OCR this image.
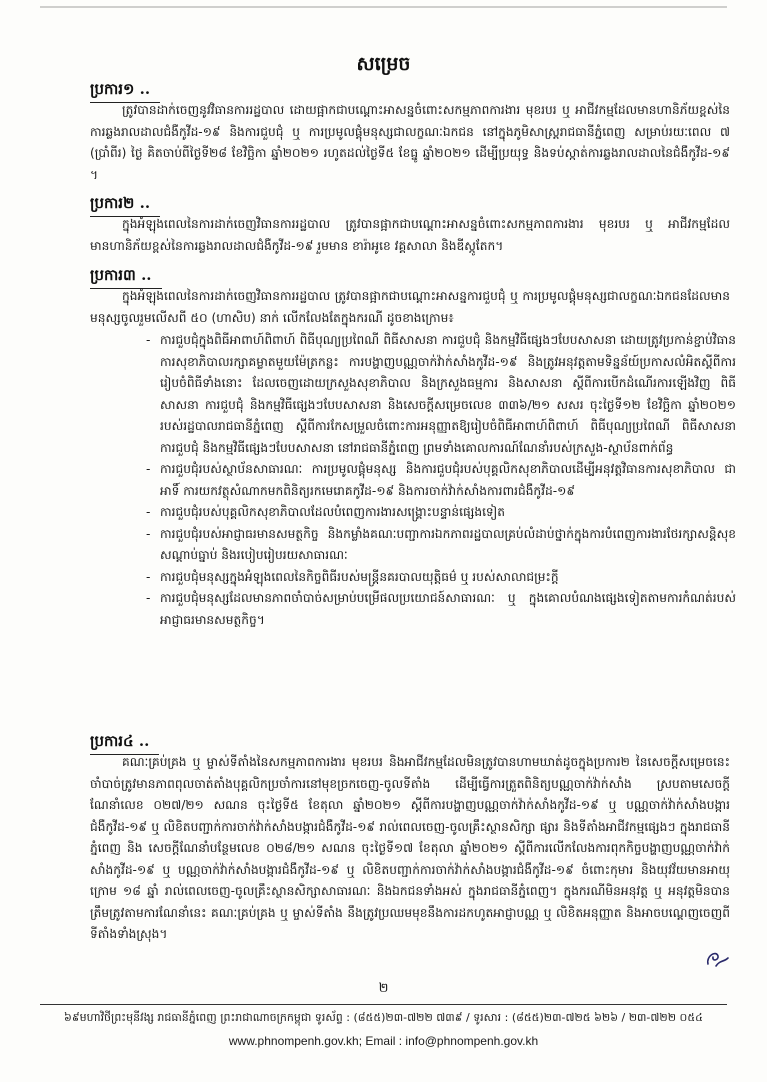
សម្រេច
ប្រការ១ ..
ត្រូវបានដាក់ចេញនូវវិធានការរដ្ឋបាល ដោយផ្អាកជាបណ្តោះអាសន្នចំពោះសកម្មភាពការងារ មុខរបរ ឬ អាជីវកម្មដែលមានហានិភ័យខ្ពស់នៃការឆ្លងរាលដាលជំងឺកូវីដ-១៩ និងការជួបជុំ ឬ ការប្រមូលផ្តុំមនុស្សជាលក្ខណៈឯកជន នៅក្នុងភូមិសាស្ត្ររាជធានីភ្នំពេញ សម្រាប់រយៈពេល ៧ (ប្រាំពីរ) ថ្ងៃ គិតចាប់ពីថ្ងៃទី២៨ ខែវិច្ឆិកា ឆ្នាំ២០២១ រហូតដល់ថ្ងៃទី៥ ខែធ្នូ ឆ្នាំ២០២១ ដើម្បីប្រយុទ្ធ និងទប់ស្កាត់ការឆ្លងរាលដាលនៃជំងឺកូវីដ-១៩ ។
ប្រការ២ ..
ក្នុងអំឡុងពេលនៃការដាក់ចេញវិធានការរដ្ឋបាល ត្រូវបានផ្អាកជាបណ្តោះអាសន្នចំពោះសកម្មភាពការងារ មុខរបរ ឬ អាជីវកម្មដែលមានហានិភ័យខ្ពស់នៃការឆ្លងរាលដាលជំងឺកូវីដ-១៩ រួមមាន ខារ៉ាអូខេ វគ្គសាលា និងឌីស្កូតែក។
ប្រការ៣ ..
ក្នុងអំឡុងពេលនៃការដាក់ចេញវិធានការរដ្ឋបាល ត្រូវបានផ្អាកជាបណ្តោះអាសន្នការជួបជុំ ឬ ការប្រមូលផ្តុំមនុស្សជាលក្ខណៈឯកជនដែលមានមនុស្សចូលរួមលើសពី ៥០ (ហាសិប) នាក់ លើកលែងតែក្នុងករណី ដូចខាងក្រោម៖
- ការជួបជុំក្នុងពិធីអាពាហ៍ពិពាហ៍ ពិធីបុណ្យប្រពៃណី ពិធីសាសនា ការជួបជុំ និងកម្មវិធីផ្សេងៗបែបសាសនា ដោយត្រូវប្រកាន់ខ្ជាប់វិធានការសុខាភិបាលរក្សាគម្លាតមួយម៉ែត្រកន្លះ ការបង្ហាញបណ្ណចាក់វ៉ាក់សាំងកូវីដ-១៩ និងត្រូវអនុវត្តតាមទិន្នន័យ៍ប្រកាសលំអិតស្តីពីការរៀបចំពិធីទាំងនោះ ដែលចេញដោយក្រសួងសុខាភិបាល និងក្រសួងធម្មការ និងសាសនា ស្តីពីការបើកដំណើរការឡើងវិញ ពិធីសាសនា ការជួបជុំ និងកម្មវិធីផ្សេងៗបែបសាសនា និងសេចក្តីសម្រេចលេខ ៣៣៦/២១ សសរ ចុះថ្ងៃទី១២ ខែវិច្ឆិកា ឆ្នាំ២០២១ របស់រដ្ឋបាលរាជធានីភ្នំពេញ ស្តីពីការកែសម្រួលចំពោះការអនុញ្ញាតឱ្យរៀបចំពិធីអាពាហ៍ពិពាហ៍ ពិធីបុណ្យប្រពៃណី ពិធីសាសនា ការជួបជុំ និងកម្មវិធីផ្សេងៗបែបសាសនា នៅរាជធានីភ្នំពេញ ព្រមទាំងគោលការណ៍ណែនាំរបស់ក្រសួង-ស្ថាប័នពាក់ព័ន្ធ
- ការជួបជុំរបស់ស្ថាប័នសាធារណៈ ការប្រមូលផ្តុំមនុស្ស និងការជួបជុំរបស់បុគ្គលិកសុខាភិបាលដើម្បីអនុវត្តវិធានការសុខាភិបាល ជាអាទិ៍ ការយកវត្ថុសំណាកមកពិនិត្យរកមេរោគកូវីដ-១៩ និងការចាក់វ៉ាក់សាំងការពារជំងឺកូវីដ-១៩
- ការជួបជុំរបស់បុគ្គលិកសុខាភិបាលដែលបំពេញការងារសង្គ្រោះបន្ទាន់ផ្សេងទៀត
- ការជួបជុំរបស់អាជ្ញាធរមានសមត្ថកិច្ច និងកម្លាំងគណៈបញ្ជាការឯកភាពរដ្ឋបាលគ្រប់លំដាប់ថ្នាក់ក្នុងការបំពេញការងារថែរក្សាសន្តិសុខ សណ្តាប់ធ្នាប់ និងរបៀបរៀបរយសាធារណៈ
- ការជួបជុំមនុស្សក្នុងអំឡុងពេលនៃកិច្ចពិធីរបស់មន្ត្រីនគរបាលយុត្តិធម៌ ឬ របស់សាលាជម្រះក្តី
- ការជួបជុំមនុស្សដែលមានភាពចាំបាច់សម្រាប់បម្រើផលប្រយោជន៍សាធារណៈ ឬ ក្នុងគោលបំណងផ្សេងទៀតតាមការកំណត់របស់អាជ្ញាធរមានសមត្ថកិច្ច។
ប្រការ៤ ..
គណៈគ្រប់គ្រង ឬ ម្ចាស់ទីតាំងនៃសកម្មភាពការងារ មុខរបរ និងអាជីវកម្មដែលមិនត្រូវបានហាមឃាត់ដូចក្នុងប្រការ២ នៃសេចក្តីសម្រេចនេះ ចាំបាច់ត្រូវមានភាពពុលចាត់តាំងបុគ្គលិកប្រចាំការនៅមុខច្រកចេញ-ចូលទីតាំង ដើម្បីធ្វើការត្រួតពិនិត្យបណ្ណចាក់វ៉ាក់សាំង ស្របតាមសេចក្តីណែនាំលេខ ០២៧/២១ សណន ចុះថ្ងៃទី៥ ខែតុលា ឆ្នាំ២០២១ ស្តីពីការបង្ហាញបណ្ណចាក់វ៉ាក់សាំងកូវីដ-១៩ ឬ បណ្ណចាក់វ៉ាក់សាំងបង្ការជំងឺកូវីដ-១៩ ឬ លិខិតបញ្ជាក់ការចាក់វ៉ាក់សាំងបង្ការជំងឺកូវីដ-១៩ រាល់ពេលចេញ-ចូលគ្រឹះស្ថានសិក្សា ផ្សារ និងទីតាំងអាជីវកម្មផ្សេងៗ ក្នុងរាជធានីភ្នំពេញ និង សេចក្តីណែនាំបន្ថែមលេខ ០២៨/២១ សណន ចុះថ្ងៃទី១៧ ខែតុលា ឆ្នាំ២០២១ ស្តីពីការលើកលែងការពុកកិច្ចបង្ហាញបណ្ណចាក់វ៉ាក់សាំងកូវីដ-១៩ ឬ បណ្ណចាក់វ៉ាក់សាំងបង្ការជំងឺកូវីដ-១៩ ឬ លិខិតបញ្ជាក់ការចាក់វ៉ាក់សាំងបង្ការជំងឺកូវីដ-១៩ ចំពោះកុមារ និងយុវវ័យមានអាយុក្រោម ១៨ ឆ្នាំ រាល់ពេលចេញ-ចូលគ្រឹះស្ថានសិក្សាសាធារណៈ និងឯកជនទាំងអស់ ក្នុងរាជធានីភ្នំពេញ។ ក្នុងករណីមិនអនុវត្ត ឬ អនុវត្តមិនបានត្រឹមត្រូវតាមការណែនាំនេះ គណៈគ្រប់គ្រង ឬ ម្ចាស់ទីតាំង នឹងត្រូវប្រឈមមុខនឹងការដកហូតអាជ្ញាបណ្ណ ឬ លិខិតអនុញ្ញាត និងអាចបណ្តេញចេញពីទីតាំងទាំងស្រុង។
២
៦៩មហាវិថីព្រះមុនីវង្ស រាជធានីភ្នំពេញ ព្រះរាជាណាចក្រកម្ពុជា ទូរស័ព្ទ : (៨៥៥)២៣-៧២២ ៧៣៩ / ទូរសារ : (៨៥៥)២៣-៧២៥ ៦២៦ / ២៣-៧២២ ០៥៤
www.phnompenh.gov.kh; Email : info@phnompenh.gov.kh
